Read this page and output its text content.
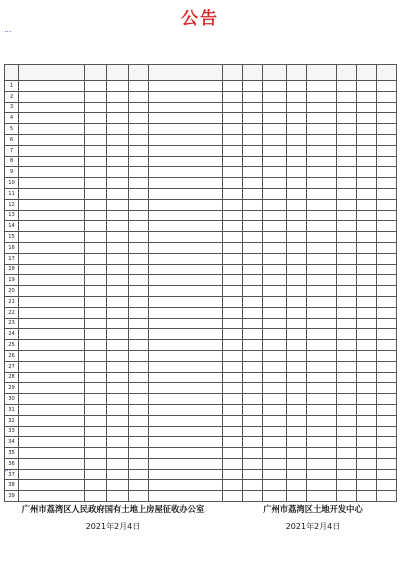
公告
…

1													
2													
3													
4													
5													
6													
7													
8													
9													
10													
11													
12													
13													
14													
15													
16													
17													
18													
19													
20													
21													
22													
23													
24													
25													
26													
27													
28													
29													
30													
31													
32													
33													
34													
35													
36													
37													
38													
39													
…
广州市荔湾区人民政府国有土地上房屋征收办公室
2021年2月4日
广州市荔湾区土地开发中心
2021年2月4日
